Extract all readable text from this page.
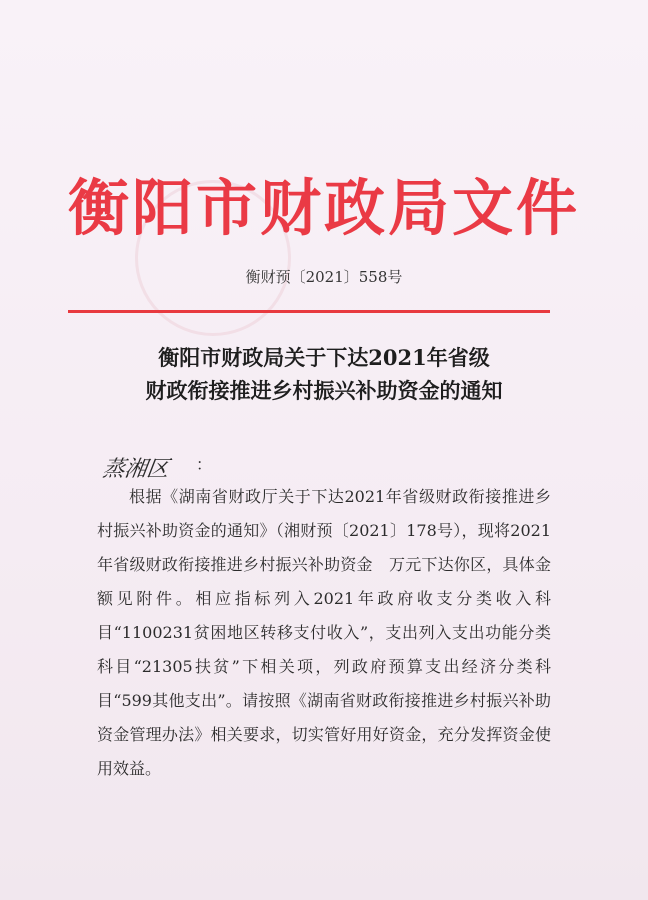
衡阳市财政局文件
衡财预〔2021〕558号
衡阳市财政局关于下达2021年省级
财政衔接推进乡村振兴补助资金的通知
蒸湘区 ：
根据《湖南省财政厅关于下达2021年省级财政衔接推进乡村振兴补助资金的通知》（湘财预〔2021〕178号），现将2021年省级财政衔接推进乡村振兴补助资金　万元下达你区，具体金额见附件。相应指标列入2021年政府收支分类收入科目“1100231贫困地区转移支付收入”，支出列入支出功能分类科目“21305扶贫”下相关项，列政府预算支出经济分类科目“599其他支出”。请按照《湖南省财政衔接推进乡村振兴补助资金管理办法》相关要求，切实管好用好资金，充分发挥资金使用效益。
